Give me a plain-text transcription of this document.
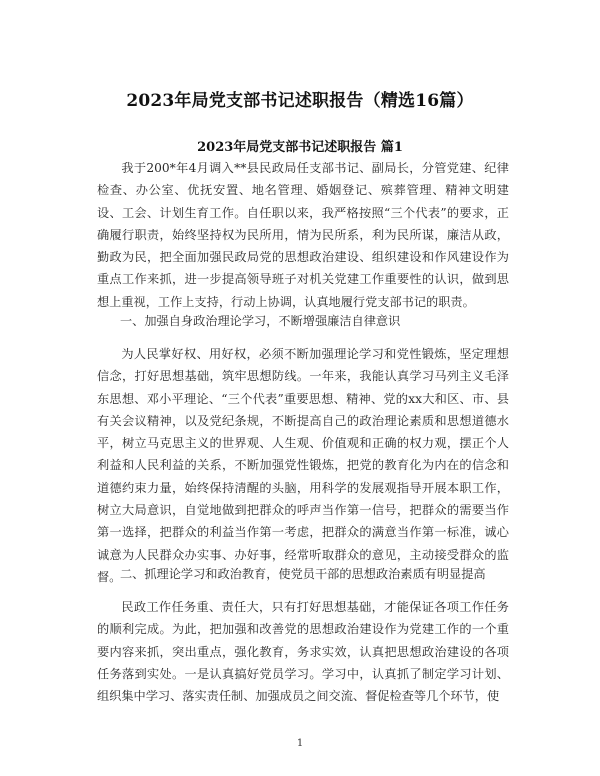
2023年局党支部书记述职报告（精选16篇）
2023年局党支部书记述职报告 篇1

我于200*年4月调入**县民政局任支部书记、副局长，分管党建、纪律检查、办公室、优抚安置、地名管理、婚姻登记、殡葬管理、精神文明建设、工会、计划生育工作。自任职以来，我严格按照“三个代表”的要求，正确履行职责，始终坚持权为民所用，情为民所系，利为民所谋，廉洁从政，勤政为民，把全面加强民政局党的思想政治建设、组织建设和作风建设作为重点工作来抓，进一步提高领导班子对机关党建工作重要性的认识，做到思想上重视，工作上支持，行动上协调，认真地履行党支部书记的职责。

一、加强自身政治理论学习，不断增强廉洁自律意识

为人民掌好权、用好权，必须不断加强理论学习和党性锻炼，坚定理想信念，打好思想基础，筑牢思想防线。一年来，我能认真学习马列主义毛泽东思想、邓小平理论、“三个代表”重要思想、精神、党的xx大和区、市、县有关会议精神，以及党纪条规，不断提高自己的政治理论素质和思想道德水平，树立马克思主义的世界观、人生观、价值观和正确的权力观，摆正个人利益和人民利益的关系，不断加强党性锻炼，把党的教育化为内在的信念和道德约束力量，始终保持清醒的头脑，用科学的发展观指导开展本职工作，树立大局意识，自觉地做到把群众的呼声当作第一信号，把群众的需要当作第一选择，把群众的利益当作第一考虑，把群众的满意当作第一标准，诚心诚意为人民群众办实事、办好事，经常听取群众的意见，主动接受群众的监督。

二、抓理论学习和政治教育，使党员干部的思想政治素质有明显提高

民政工作任务重、责任大，只有打好思想基础，才能保证各项工作任务的顺利完成。为此，把加强和改善党的思想政治建设作为党建工作的一个重要内容来抓，突出重点，强化教育，务求实效，认真把思想政治建设的各项任务落到实处。一是认真搞好党员学习。学习中，认真抓了制定学习计划、组织集中学习、落实责任制、加强成员之间交流、督促检查等几个环节，使

1
